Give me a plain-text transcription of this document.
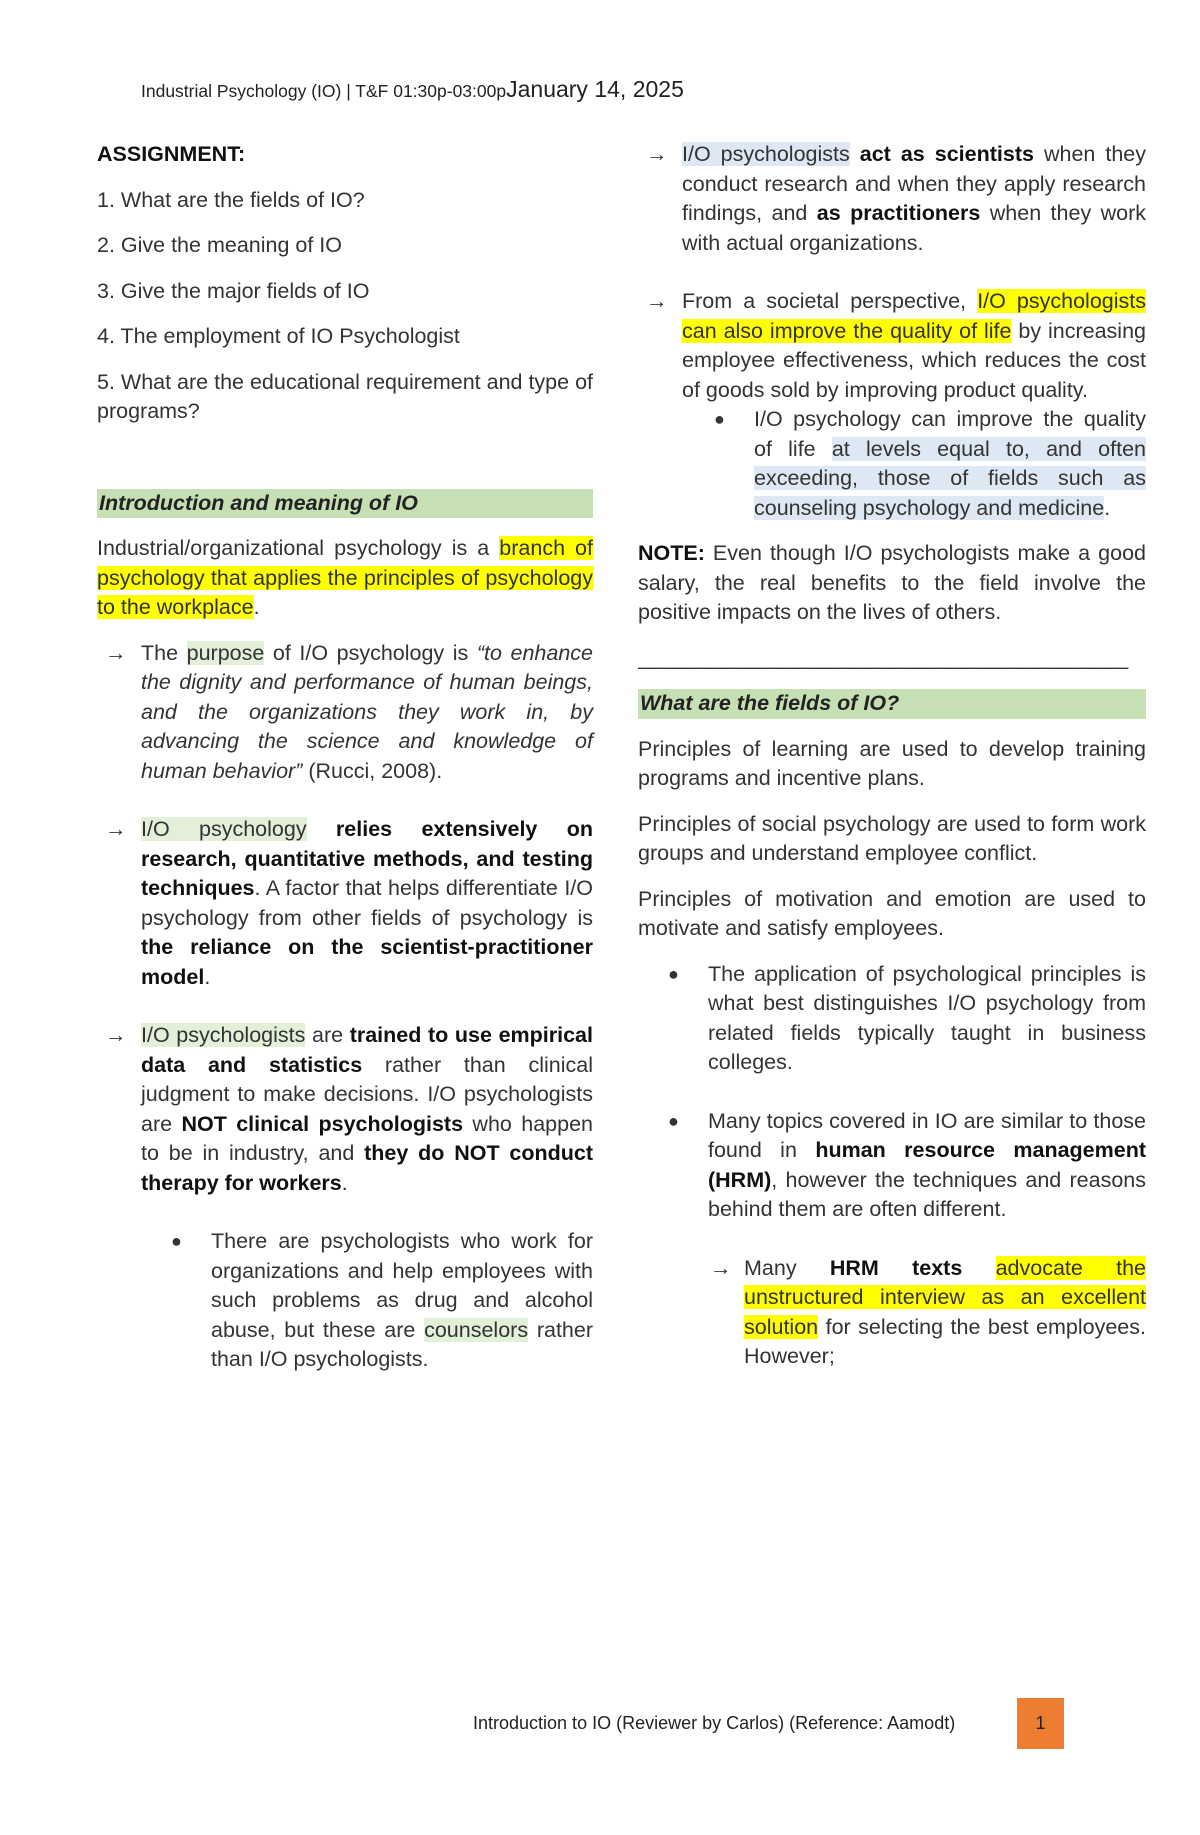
Industrial Psychology (IO) | T&F 01:30p-03:00pJanuary 14, 2025

ASSIGNMENT:

1. What are the fields of IO?

2. Give the meaning of IO

3. Give the major fields of IO

4. The employment of IO Psychologist

5. What are the educational requirement and type of programs?

Introduction and meaning of IO

Industrial/organizational psychology is a branch of psychology that applies the principles of psychology to the workplace.

→ The purpose of I/O psychology is “to enhance the dignity and performance of human beings, and the organizations they work in, by advancing the science and knowledge of human behavior” (Rucci, 2008).
→ I/O psychology relies extensively on research, quantitative methods, and testing techniques. A factor that helps differentiate I/O psychology from other fields of psychology is the reliance on the scientist-practitioner model.
→ I/O psychologists are trained to use empirical data and statistics rather than clinical judgment to make decisions. I/O psychologists are NOT clinical psychologists who happen to be in industry, and they do NOT conduct therapy for workers.
● There are psychologists who work for organizations and help employees with such problems as drug and alcohol abuse, but these are counselors rather than I/O psychologists.
→ I/O psychologists act as scientists when they conduct research and when they apply research findings, and as practitioners when they work with actual organizations.
→ From a societal perspective, I/O psychologists can also improve the quality of life by increasing employee effectiveness, which reduces the cost of goods sold by improving product quality.
● I/O psychology can improve the quality of life at levels equal to, and often exceeding, those of fields such as counseling psychology and medicine.

NOTE: Even though I/O psychologists make a good salary, the real benefits to the field involve the positive impacts on the lives of others.

_________________________________________

What are the fields of IO?

Principles of learning are used to develop training programs and incentive plans.

Principles of social psychology are used to form work groups and understand employee conflict.

Principles of motivation and emotion are used to motivate and satisfy employees.

● The application of psychological principles is what best distinguishes I/O psychology from related fields typically taught in business colleges.
● Many topics covered in IO are similar to those found in human resource management (HRM), however the techniques and reasons behind them are often different.
→ Many HRM texts advocate the unstructured interview as an excellent solution for selecting the best employees. However;
Introduction to IO (Reviewer by Carlos) (Reference: Aamodt)	1
